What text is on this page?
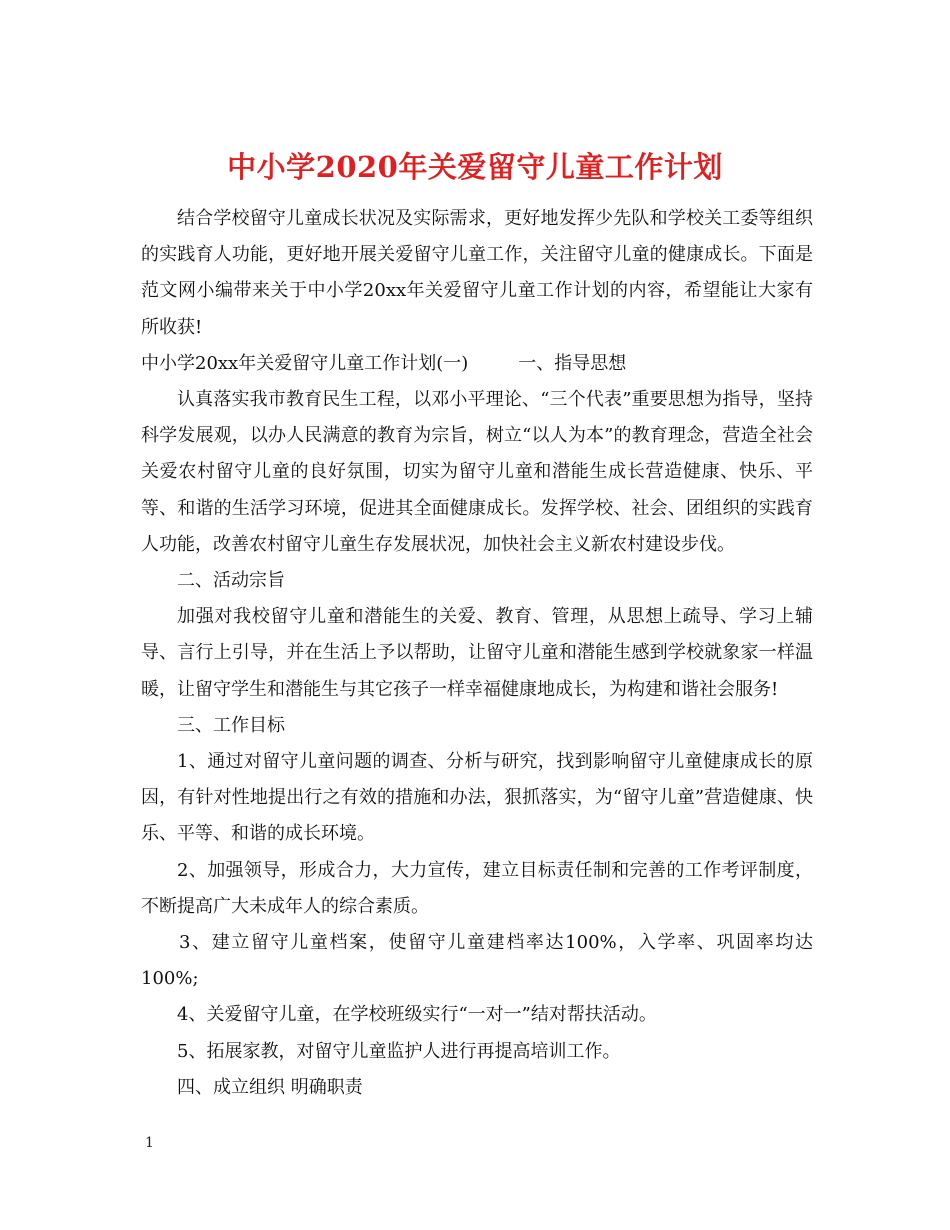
中小学2020年关爱留守儿童工作计划

结合学校留守儿童成长状况及实际需求，更好地发挥少先队和学校关工委等组织的实践育人功能，更好地开展关爱留守儿童工作，关注留守儿童的健康成长。下面是范文网小编带来关于中小学20xx年关爱留守儿童工作计划的内容，希望能让大家有所收获!

中小学20xx年关爱留守儿童工作计划(一)	一、指导思想

认真落实我市教育民生工程，以邓小平理论、“三个代表”重要思想为指导，坚持科学发展观，以办人民满意的教育为宗旨，树立“以人为本”的教育理念，营造全社会关爱农村留守儿童的良好氛围，切实为留守儿童和潜能生成长营造健康、快乐、平等、和谐的生活学习环境，促进其全面健康成长。发挥学校、社会、团组织的实践育人功能，改善农村留守儿童生存发展状况，加快社会主义新农村建设步伐。

二、活动宗旨

加强对我校留守儿童和潜能生的关爱、教育、管理，从思想上疏导、学习上辅导、言行上引导，并在生活上予以帮助，让留守儿童和潜能生感到学校就象家一样温暖，让留守学生和潜能生与其它孩子一样幸福健康地成长，为构建和谐社会服务!

三、工作目标

1、通过对留守儿童问题的调查、分析与研究，找到影响留守儿童健康成长的原因，有针对性地提出行之有效的措施和办法，狠抓落实，为“留守儿童”营造健康、快乐、平等、和谐的成长环境。

2、加强领导，形成合力，大力宣传，建立目标责任制和完善的工作考评制度，不断提高广大未成年人的综合素质。

3、建立留守儿童档案，使留守儿童建档率达100%，入学率、巩固率均达100%;

4、关爱留守儿童，在学校班级实行“一对一”结对帮扶活动。

5、拓展家教，对留守儿童监护人进行再提高培训工作。

四、成立组织 明确职责

1
